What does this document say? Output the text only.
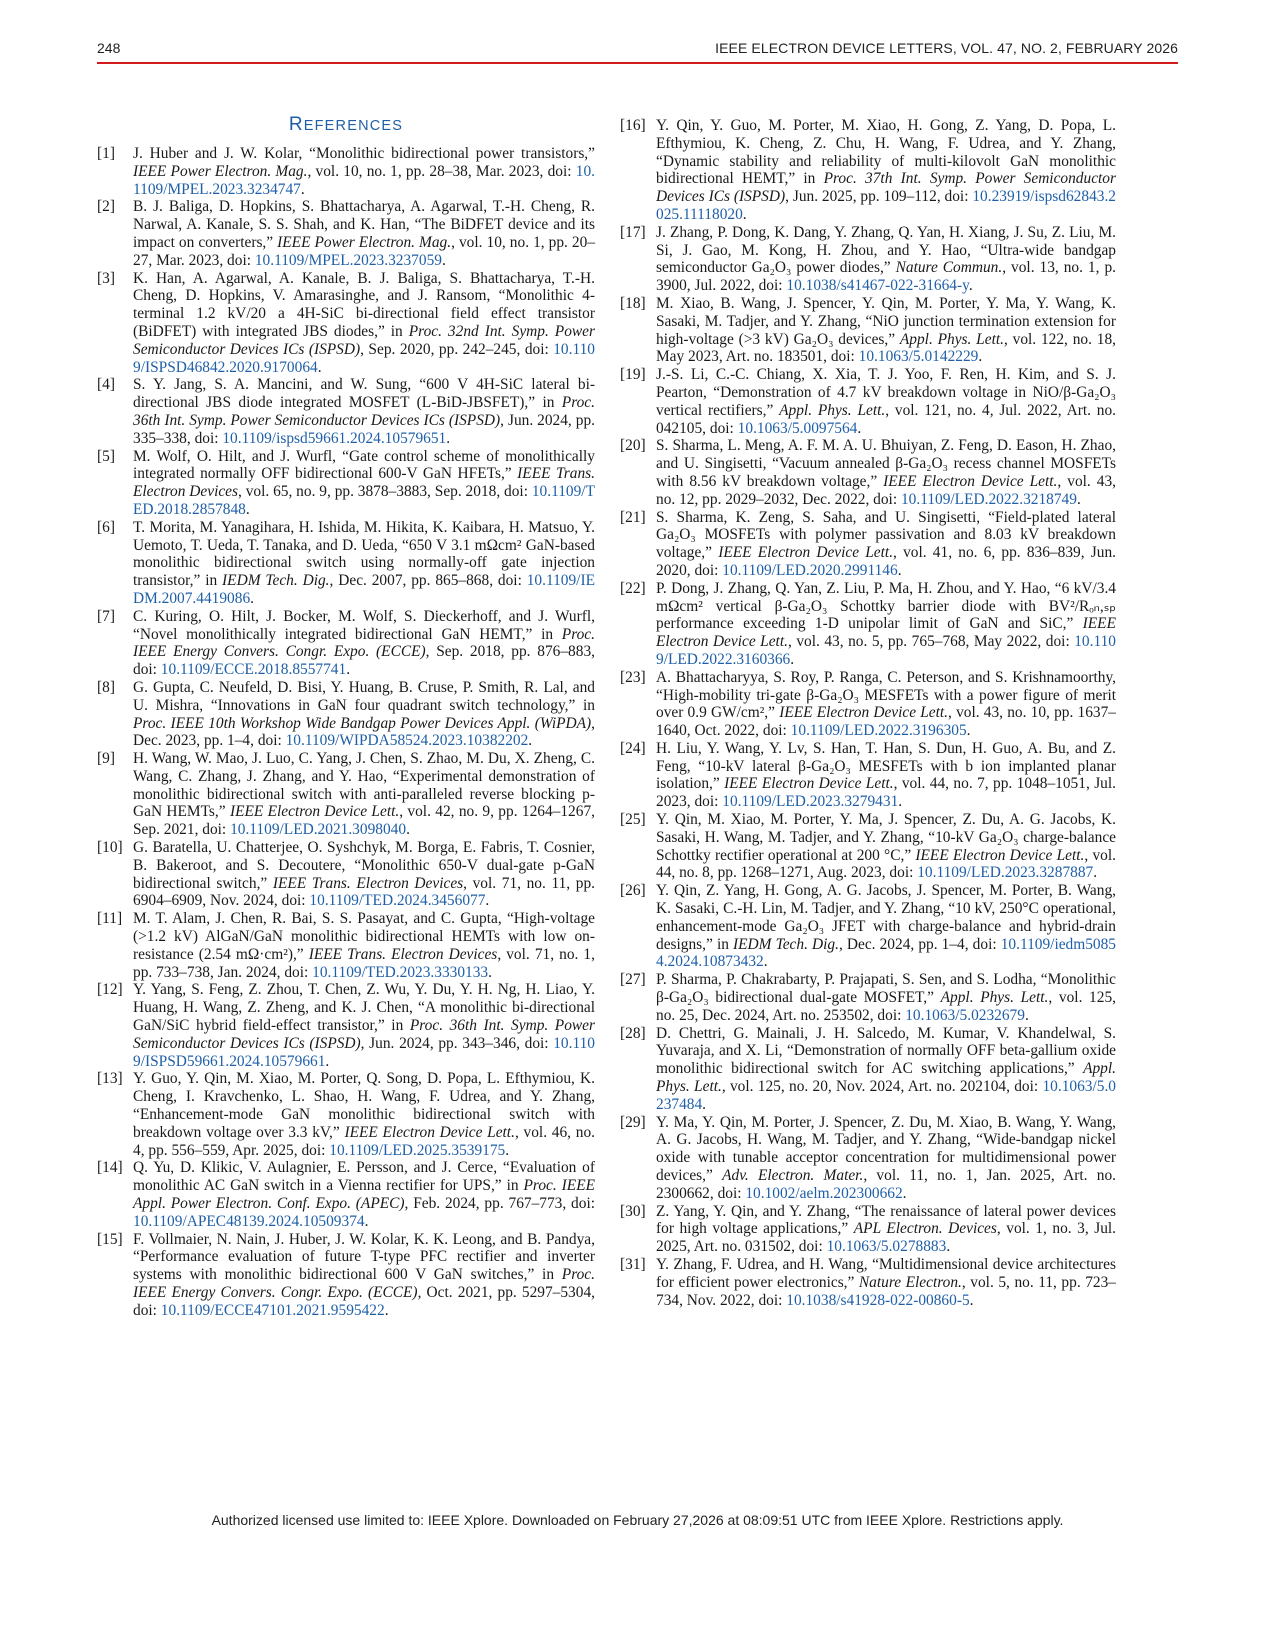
248	IEEE ELECTRON DEVICE LETTERS, VOL. 47, NO. 2, FEBRUARY 2026
REFERENCES
[1]	J. Huber and J. W. Kolar, “Monolithic bidirectional power transistors,” IEEE Power Electron. Mag., vol. 10, no. 1, pp. 28–38, Mar. 2023, doi: 10.1109/MPEL.2023.3234747.
[2]	B. J. Baliga, D. Hopkins, S. Bhattacharya, A. Agarwal, T.-H. Cheng, R. Narwal, A. Kanale, S. S. Shah, and K. Han, “The BiDFET device and its impact on converters,” IEEE Power Electron. Mag., vol. 10, no. 1, pp. 20–27, Mar. 2023, doi: 10.1109/MPEL.2023.3237059.
[3]	K. Han, A. Agarwal, A. Kanale, B. J. Baliga, S. Bhattacharya, T.-H. Cheng, D. Hopkins, V. Amarasinghe, and J. Ransom, “Monolithic 4-terminal 1.2 kV/20 a 4H-SiC bi-directional field effect transistor (BiDFET) with integrated JBS diodes,” in Proc. 32nd Int. Symp. Power Semiconductor Devices ICs (ISPSD), Sep. 2020, pp. 242–245, doi: 10.1109/ISPSD46842.2020.9170064.
[4]	S. Y. Jang, S. A. Mancini, and W. Sung, “600 V 4H-SiC lateral bi-directional JBS diode integrated MOSFET (L-BiD-JBSFET),” in Proc. 36th Int. Symp. Power Semiconductor Devices ICs (ISPSD), Jun. 2024, pp. 335–338, doi: 10.1109/ispsd59661.2024.10579651.
[5]	M. Wolf, O. Hilt, and J. Wurfl, “Gate control scheme of monolithically integrated normally OFF bidirectional 600-V GaN HFETs,” IEEE Trans. Electron Devices, vol. 65, no. 9, pp. 3878–3883, Sep. 2018, doi: 10.1109/TED.2018.2857848.
[6]	T. Morita, M. Yanagihara, H. Ishida, M. Hikita, K. Kaibara, H. Matsuo, Y. Uemoto, T. Ueda, T. Tanaka, and D. Ueda, “650 V 3.1 mΩcm² GaN-based monolithic bidirectional switch using normally-off gate injection transistor,” in IEDM Tech. Dig., Dec. 2007, pp. 865–868, doi: 10.1109/IEDM.2007.4419086.
[7]	C. Kuring, O. Hilt, J. Bocker, M. Wolf, S. Dieckerhoff, and J. Wurfl, “Novel monolithically integrated bidirectional GaN HEMT,” in Proc. IEEE Energy Convers. Congr. Expo. (ECCE), Sep. 2018, pp. 876–883, doi: 10.1109/ECCE.2018.8557741.
[8]	G. Gupta, C. Neufeld, D. Bisi, Y. Huang, B. Cruse, P. Smith, R. Lal, and U. Mishra, “Innovations in GaN four quadrant switch technology,” in Proc. IEEE 10th Workshop Wide Bandgap Power Devices Appl. (WiPDA), Dec. 2023, pp. 1–4, doi: 10.1109/WIPDA58524.2023.10382202.
[9]	H. Wang, W. Mao, J. Luo, C. Yang, J. Chen, S. Zhao, M. Du, X. Zheng, C. Wang, C. Zhang, J. Zhang, and Y. Hao, “Experimental demonstration of monolithic bidirectional switch with anti-paralleled reverse blocking p-GaN HEMTs,” IEEE Electron Device Lett., vol. 42, no. 9, pp. 1264–1267, Sep. 2021, doi: 10.1109/LED.2021.3098040.
[10] G. Baratella, U. Chatterjee, O. Syshchyk, M. Borga, E. Fabris, T. Cosnier, B. Bakeroot, and S. Decoutere, “Monolithic 650-V dual-gate p-GaN bidirectional switch,” IEEE Trans. Electron Devices, vol. 71, no. 11, pp. 6904–6909, Nov. 2024, doi: 10.1109/TED.2024.3456077.
[11] M. T. Alam, J. Chen, R. Bai, S. S. Pasayat, and C. Gupta, “High-voltage (>1.2 kV) AlGaN/GaN monolithic bidirectional HEMTs with low on-resistance (2.54 mΩ·cm²),” IEEE Trans. Electron Devices, vol. 71, no. 1, pp. 733–738, Jan. 2024, doi: 10.1109/TED.2023.3330133.
[12] Y. Yang, S. Feng, Z. Zhou, T. Chen, Z. Wu, Y. Du, Y. H. Ng, H. Liao, Y. Huang, H. Wang, Z. Zheng, and K. J. Chen, “A monolithic bi-directional GaN/SiC hybrid field-effect transistor,” in Proc. 36th Int. Symp. Power Semiconductor Devices ICs (ISPSD), Jun. 2024, pp. 343–346, doi: 10.1109/ISPSD59661.2024.10579661.
[13] Y. Guo, Y. Qin, M. Xiao, M. Porter, Q. Song, D. Popa, L. Efthymiou, K. Cheng, I. Kravchenko, L. Shao, H. Wang, F. Udrea, and Y. Zhang, “Enhancement-mode GaN monolithic bidirectional switch with breakdown voltage over 3.3 kV,” IEEE Electron Device Lett., vol. 46, no. 4, pp. 556–559, Apr. 2025, doi: 10.1109/LED.2025.3539175.
[14] Q. Yu, D. Klikic, V. Aulagnier, E. Persson, and J. Cerce, “Evaluation of monolithic AC GaN switch in a Vienna rectifier for UPS,” in Proc. IEEE Appl. Power Electron. Conf. Expo. (APEC), Feb. 2024, pp. 767–773, doi: 10.1109/APEC48139.2024.10509374.
[15] F. Vollmaier, N. Nain, J. Huber, J. W. Kolar, K. K. Leong, and B. Pandya, “Performance evaluation of future T-type PFC rectifier and inverter systems with monolithic bidirectional 600 V GaN switches,” in Proc. IEEE Energy Convers. Congr. Expo. (ECCE), Oct. 2021, pp. 5297–5304, doi: 10.1109/ECCE47101.2021.9595422.
[16] Y. Qin, Y. Guo, M. Porter, M. Xiao, H. Gong, Z. Yang, D. Popa, L. Efthymiou, K. Cheng, Z. Chu, H. Wang, F. Udrea, and Y. Zhang, “Dynamic stability and reliability of multi-kilovolt GaN monolithic bidirectional HEMT,” in Proc. 37th Int. Symp. Power Semiconductor Devices ICs (ISPSD), Jun. 2025, pp. 109–112, doi: 10.23919/ispsd62843.2025.11118020.
[17] J. Zhang, P. Dong, K. Dang, Y. Zhang, Q. Yan, H. Xiang, J. Su, Z. Liu, M. Si, J. Gao, M. Kong, H. Zhou, and Y. Hao, “Ultra-wide bandgap semiconductor Ga₂O₃ power diodes,” Nature Commun., vol. 13, no. 1, p. 3900, Jul. 2022, doi: 10.1038/s41467-022-31664-y.
[18] M. Xiao, B. Wang, J. Spencer, Y. Qin, M. Porter, Y. Ma, Y. Wang, K. Sasaki, M. Tadjer, and Y. Zhang, “NiO junction termination extension for high-voltage (>3 kV) Ga₂O₃ devices,” Appl. Phys. Lett., vol. 122, no. 18, May 2023, Art. no. 183501, doi: 10.1063/5.0142229.
[19] J.-S. Li, C.-C. Chiang, X. Xia, T. J. Yoo, F. Ren, H. Kim, and S. J. Pearton, “Demonstration of 4.7 kV breakdown voltage in NiO/β-Ga₂O₃ vertical rectifiers,” Appl. Phys. Lett., vol. 121, no. 4, Jul. 2022, Art. no. 042105, doi: 10.1063/5.0097564.
[20] S. Sharma, L. Meng, A. F. M. A. U. Bhuiyan, Z. Feng, D. Eason, H. Zhao, and U. Singisetti, “Vacuum annealed β-Ga₂O₃ recess channel MOSFETs with 8.56 kV breakdown voltage,” IEEE Electron Device Lett., vol. 43, no. 12, pp. 2029–2032, Dec. 2022, doi: 10.1109/LED.2022.3218749.
[21] S. Sharma, K. Zeng, S. Saha, and U. Singisetti, “Field-plated lateral Ga₂O₃ MOSFETs with polymer passivation and 8.03 kV breakdown voltage,” IEEE Electron Device Lett., vol. 41, no. 6, pp. 836–839, Jun. 2020, doi: 10.1109/LED.2020.2991146.
[22] P. Dong, J. Zhang, Q. Yan, Z. Liu, P. Ma, H. Zhou, and Y. Hao, “6 kV/3.4 mΩcm² vertical β-Ga₂O₃ Schottky barrier diode with BV²/Rₒₙ,ₛₚ performance exceeding 1-D unipolar limit of GaN and SiC,” IEEE Electron Device Lett., vol. 43, no. 5, pp. 765–768, May 2022, doi: 10.1109/LED.2022.3160366.
[23] A. Bhattacharyya, S. Roy, P. Ranga, C. Peterson, and S. Krishnamoorthy, “High-mobility tri-gate β-Ga₂O₃ MESFETs with a power figure of merit over 0.9 GW/cm²,” IEEE Electron Device Lett., vol. 43, no. 10, pp. 1637–1640, Oct. 2022, doi: 10.1109/LED.2022.3196305.
[24] H. Liu, Y. Wang, Y. Lv, S. Han, T. Han, S. Dun, H. Guo, A. Bu, and Z. Feng, “10-kV lateral β-Ga₂O₃ MESFETs with b ion implanted planar isolation,” IEEE Electron Device Lett., vol. 44, no. 7, pp. 1048–1051, Jul. 2023, doi: 10.1109/LED.2023.3279431.
[25] Y. Qin, M. Xiao, M. Porter, Y. Ma, J. Spencer, Z. Du, A. G. Jacobs, K. Sasaki, H. Wang, M. Tadjer, and Y. Zhang, “10-kV Ga₂O₃ charge-balance Schottky rectifier operational at 200 °C,” IEEE Electron Device Lett., vol. 44, no. 8, pp. 1268–1271, Aug. 2023, doi: 10.1109/LED.2023.3287887.
[26] Y. Qin, Z. Yang, H. Gong, A. G. Jacobs, J. Spencer, M. Porter, B. Wang, K. Sasaki, C.-H. Lin, M. Tadjer, and Y. Zhang, “10 kV, 250°C operational, enhancement-mode Ga₂O₃ JFET with charge-balance and hybrid-drain designs,” in IEDM Tech. Dig., Dec. 2024, pp. 1–4, doi: 10.1109/iedm50854.2024.10873432.
[27] P. Sharma, P. Chakrabarty, P. Prajapati, S. Sen, and S. Lodha, “Monolithic β-Ga₂O₃ bidirectional dual-gate MOSFET,” Appl. Phys. Lett., vol. 125, no. 25, Dec. 2024, Art. no. 253502, doi: 10.1063/5.0232679.
[28] D. Chettri, G. Mainali, J. H. Salcedo, M. Kumar, V. Khandelwal, S. Yuvaraja, and X. Li, “Demonstration of normally OFF beta-gallium oxide monolithic bidirectional switch for AC switching applications,” Appl. Phys. Lett., vol. 125, no. 20, Nov. 2024, Art. no. 202104, doi: 10.1063/5.0237484.
[29] Y. Ma, Y. Qin, M. Porter, J. Spencer, Z. Du, M. Xiao, B. Wang, Y. Wang, A. G. Jacobs, H. Wang, M. Tadjer, and Y. Zhang, “Wide-bandgap nickel oxide with tunable acceptor concentration for multidimensional power devices,” Adv. Electron. Mater., vol. 11, no. 1, Jan. 2025, Art. no. 2300662, doi: 10.1002/aelm.202300662.
[30] Z. Yang, Y. Qin, and Y. Zhang, “The renaissance of lateral power devices for high voltage applications,” APL Electron. Devices, vol. 1, no. 3, Jul. 2025, Art. no. 031502, doi: 10.1063/5.0278883.
[31] Y. Zhang, F. Udrea, and H. Wang, “Multidimensional device architectures for efficient power electronics,” Nature Electron., vol. 5, no. 11, pp. 723–734, Nov. 2022, doi: 10.1038/s41928-022-00860-5.
Authorized licensed use limited to: IEEE Xplore. Downloaded on February 27,2026 at 08:09:51 UTC from IEEE Xplore. Restrictions apply.
